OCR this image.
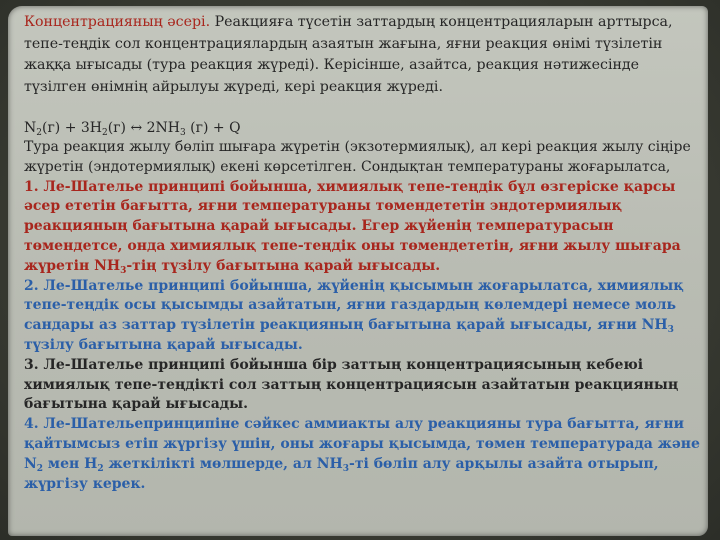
Концентрацияның әсері. Реакцияға түсетін заттардың концентрацияларын арттырса, тепе-теңдік сол концентрациялардың азаятын жағына, яғни реакция өнімі түзілетін жаққа ығысады (тура реакция жүреді). Керісінше, азайтса, реакция нәтижесінде түзілген өнімнің айрылуы жүреді, кері реакция жүреді.

$N_2(г) + 3H_2(г)$ ↔ $2NH_3$ (г) + Q

Тура реакция жылу бөліп шығара жүретін (экзотермиялық), ал кері реакция жылу сіңіре жүретін (эндотермиялық) екені көрсетілген. Сондықтан температураны жоғарылатса,
1. Ле-Шателье принципі бойынша, химиялық тепе-теңдік бұл өзгеріске қарсы әсер ететін бағытта, яғни температураны төмендететін эндотермиялық реакцияның бағытына қарай ығысады. Егер жүйенің температурасын төмендетсе, онда химиялық тепе-теңдік оны төмендететін, яғни жылу шығара жүретін $NH_3$-тің түзілу бағытына қарай ығысады.
2. Ле-Шателье принципі бойынша, жүйенің қысымын жоғарылатса, химиялық тепе-теңдік осы қысымды азайтатын, яғни газдардың көлемдері немесе моль сандары аз заттар түзілетін реакцияның бағытына қарай ығысады, яғни $NH_3$ түзілу бағытына қарай ығысады.
3. Ле-Шателье принципі бойынша бір заттың концентрациясының кебеюі химиялық тепе-теңдікті сол заттың концентрациясын азайтатын реакцияның бағытына қарай ығысады.
4. Ле-Шательепринципіне сәйкес аммиакты алу реакцияны тура бағытта, яғни қайтымсыз етіп жүргізу үшін, оны жоғары қысымда, төмен температурада және $N_2$ мен $H_2$ жеткілікті мөлшерде, ал $NH_3-ті$ бөліп алу арқылы азайта отырып, жүргізу керек.
